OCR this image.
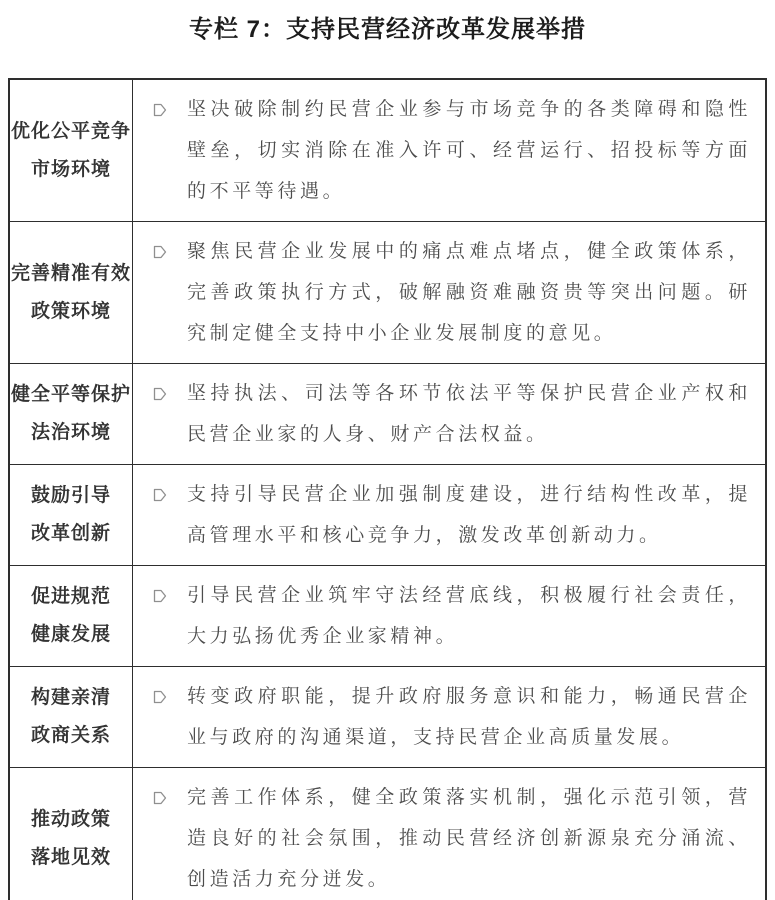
专栏 7：支持民营经济改革发展举措
优化公平竞争
市场环境
坚决破除制约民营企业参与市场竞争的各类障碍和隐性壁垒，切实消除在准入许可、经营运行、招投标等方面的不平等待遇。
完善精准有效
政策环境
聚焦民营企业发展中的痛点难点堵点，健全政策体系，完善政策执行方式，破解融资难融资贵等突出问题。研究制定健全支持中小企业发展制度的意见。
健全平等保护
法治环境
坚持执法、司法等各环节依法平等保护民营企业产权和民营企业家的人身、财产合法权益。
鼓励引导
改革创新
支持引导民营企业加强制度建设，进行结构性改革，提高管理水平和核心竞争力，激发改革创新动力。
促进规范
健康发展
引导民营企业筑牢守法经营底线，积极履行社会责任，大力弘扬优秀企业家精神。
构建亲清
政商关系
转变政府职能，提升政府服务意识和能力，畅通民营企业与政府的沟通渠道，支持民营企业高质量发展。
推动政策
落地见效
完善工作体系，健全政策落实机制，强化示范引领，营造良好的社会氛围，推动民营经济创新源泉充分涌流、创造活力充分迸发。
